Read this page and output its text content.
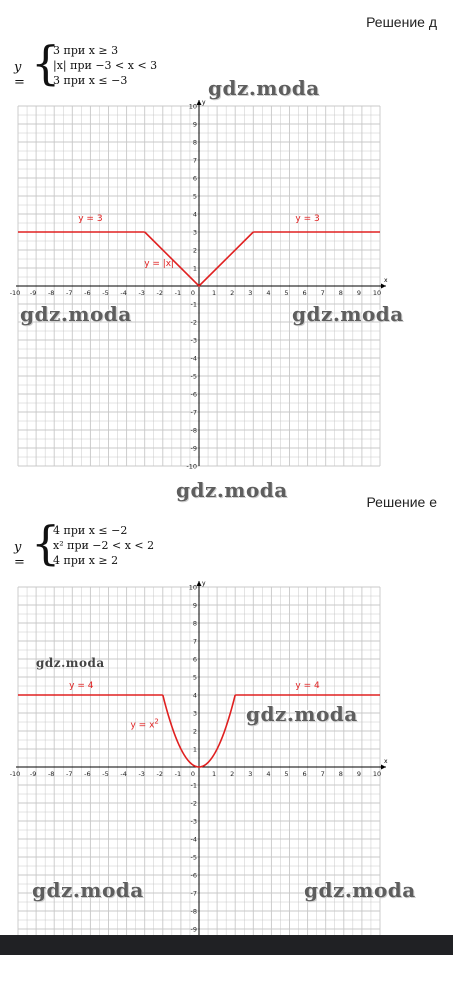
Решение д
Решение е
y = {
3 при x ≥ 3
|x| при −3 < x < 3
3 при x ≤ −3
y = {
4 при x ≤ −2
x² при −2 < x < 2
4 при x ≥ 2
x
y
-10 -9 -8 -7 -6 -5 -4 -3 -2 -1 0	1 2 3 4 5 6 7 8 9 10
-10
-9
-8
-7
-6
-5
-4
-3
-2
-1
1
2
3
4
5
6
7
8
9
10
y = 3
y = |x|
y = 3
x
y
-10 -9 -8 -7 -6 -5 -4 -3 -2 -1 0	1 2 3 4 5 6 7 8 9 10
-9
-8
-7
-6
-5
-4
-3
-2
-1
1
2
3
4
5
6
7
8
9
10
y = 4
$y = x^2$
y = 4
gdz.moda
gdz.moda	gdz.moda
gdz.moda
gdz.moda
gdz.moda
gdz.moda	gdz.moda
